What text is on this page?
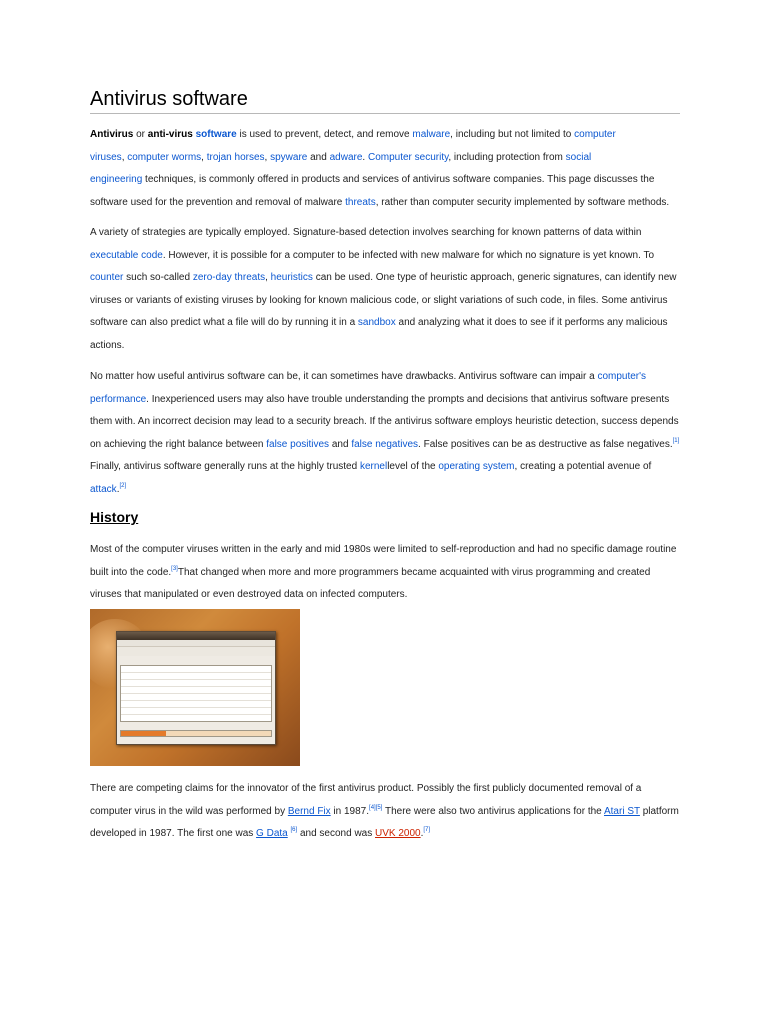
Antivirus software

Antivirus or anti-virus software is used to prevent, detect, and remove malware, including but not limited to computer
viruses, computer worms, trojan horses, spyware and adware. Computer security, including protection from social
engineering techniques, is commonly offered in products and services of antivirus software companies. This page discusses the software used for the prevention and removal of malware threats, rather than computer security implemented by software methods.

A variety of strategies are typically employed. Signature-based detection involves searching for known patterns of data within executable code. However, it is possible for a computer to be infected with new malware for which no signature is yet known. To counter such so-called zero-day threats, heuristics can be used. One type of heuristic approach, generic signatures, can identify new viruses or variants of existing viruses by looking for known malicious code, or slight variations of such code, in files. Some antivirus software can also predict what a file will do by running it in a sandbox and analyzing what it does to see if it performs any malicious actions.

No matter how useful antivirus software can be, it can sometimes have drawbacks. Antivirus software can impair a computer's performance. Inexperienced users may also have trouble understanding the prompts and decisions that antivirus software presents them with. An incorrect decision may lead to a security breach. If the antivirus software employs heuristic detection, success depends on achieving the right balance between false positives and false negatives. False positives can be as destructive as false negatives.[1] Finally, antivirus software generally runs at the highly trusted kernellevel of the operating system, creating a potential avenue of attack.[2]

History

Most of the computer viruses written in the early and mid 1980s were limited to self-reproduction and had no specific damage routine built into the code.[3]That changed when more and more programmers became acquainted with virus programming and created viruses that manipulated or even destroyed data on infected computers.

There are competing claims for the innovator of the first antivirus product. Possibly the first publicly documented removal of a computer virus in the wild was performed by Bernd Fix in 1987.[4][5] There were also two antivirus applications for the Atari ST platform developed in 1987. The first one was G Data [6] and second was UVK 2000.[7]
